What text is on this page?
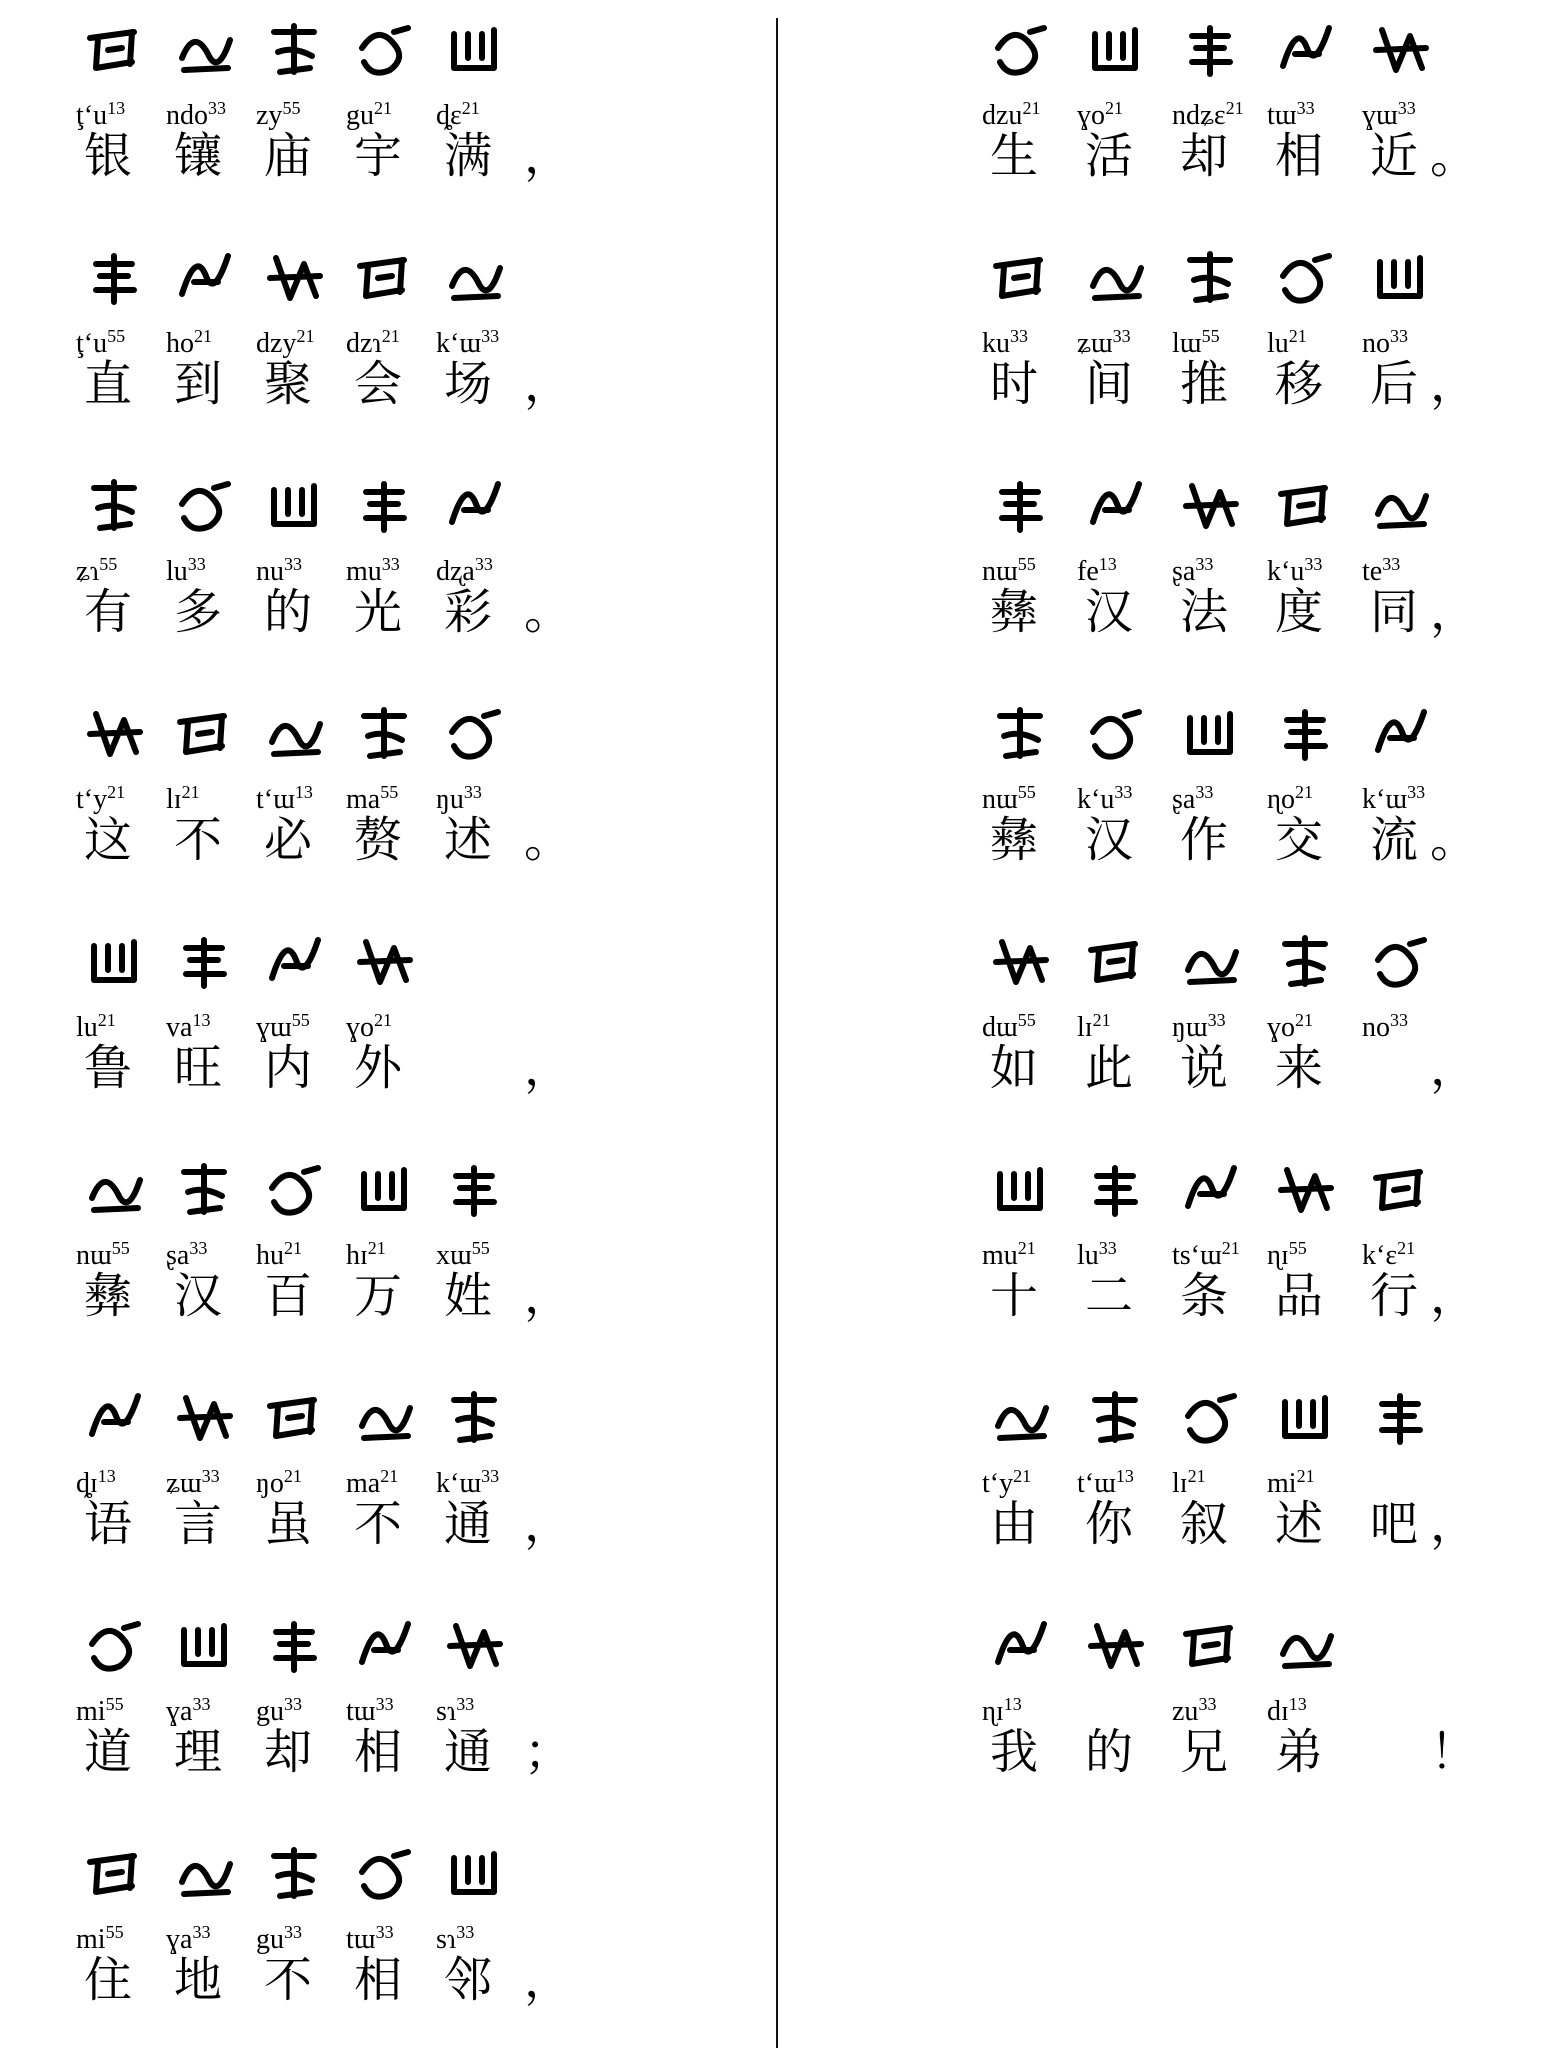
$ţ‘u^{13}$ ndo$^{33}$ $zy^{55}$ $gu^{21}$ ȡɛ$^{21}$
银 镶 庙 宇 满 ，
$ţ‘u^{55}$ $ho^{21}$ dzy$^{21}$ dzɿ$^{21}$ k‘ɯ$^{33}$
直 到 聚 会 场 ，
ʑɿ$^{55}$ $lu^{33}$ $nu^{33}$ $mu^{33}$ dʐa$^{33}$
有 多 的 光 彩 。
$t‘y^{21}$ lɪ$^{21}$ t‘ɯ$^{13}$ $ma^{55}$ $ŋu^{33}$
这 不 必 赘 述 。
$lu^{21}$ $va^{13}$ ɣɯ$^{55}$ ɣo$^{21}$
鲁 旺 内 外	，
nɯ$^{55}$ ʂa$^{33}$ $hu^{21}$ hɪ$^{21}$ xɯ$^{55}$
彝 汉 百 万 姓 ，
ȡɪ$^{13}$ ʑɯ$^{33}$ $ŋo^{21}$ $ma^{21}$ k‘ɯ$^{33}$
语 言 虽 不 通 ，
$mi^{55}$ ɣa$^{33}$ $gu^{33}$ tɯ$^{33}$ sɿ$^{33}$
道 理 却 相 通 ；
$mi^{55}$ ɣa$^{33}$ $gu^{33}$ tɯ$^{33}$ sɿ$^{33}$
住 地 不 相 邻 ，
dzu$^{21}$ ɣo$^{21}$ ndʑɛ$^{21}$ tɯ$^{33}$ ɣɯ$^{33}$
生 活 却 相 近 。
$ku^{33}$ ʑɯ$^{33}$ lɯ$^{55}$ $lu^{21}$ $no^{33}$
时 间 推 移 后 ，
nɯ$^{55}$ $fe^{13}$ ʂa$^{33}$ $k‘u^{33}$ $te^{33}$
彝 汉 法 度 同 ，
nɯ$^{55}$ $k‘u^{33}$ ʂa$^{33}$ ɳo$^{21}$ k‘ɯ$^{33}$
彝 汉 作 交 流 。
dɯ$^{55}$ lɪ$^{21}$ ŋɯ$^{33}$ ɣo$^{21}$ $no^{33}$
如 此 说 来 ，
$mu^{21}$ $lu^{33}$ ts‘ɯ$^{21}$ ɳɪ$^{55}$ k‘ɛ$^{21}$
十 二 条 品 行 ，
$t‘y^{21}$ t‘ɯ$^{13}$ lɪ$^{21}$ $mi^{21}$
由 你 叙 述 吧 ，
ɳɪ$^{13}$	$zu^{33}$ dɪ$^{13}$
我 的 兄 弟 ！
